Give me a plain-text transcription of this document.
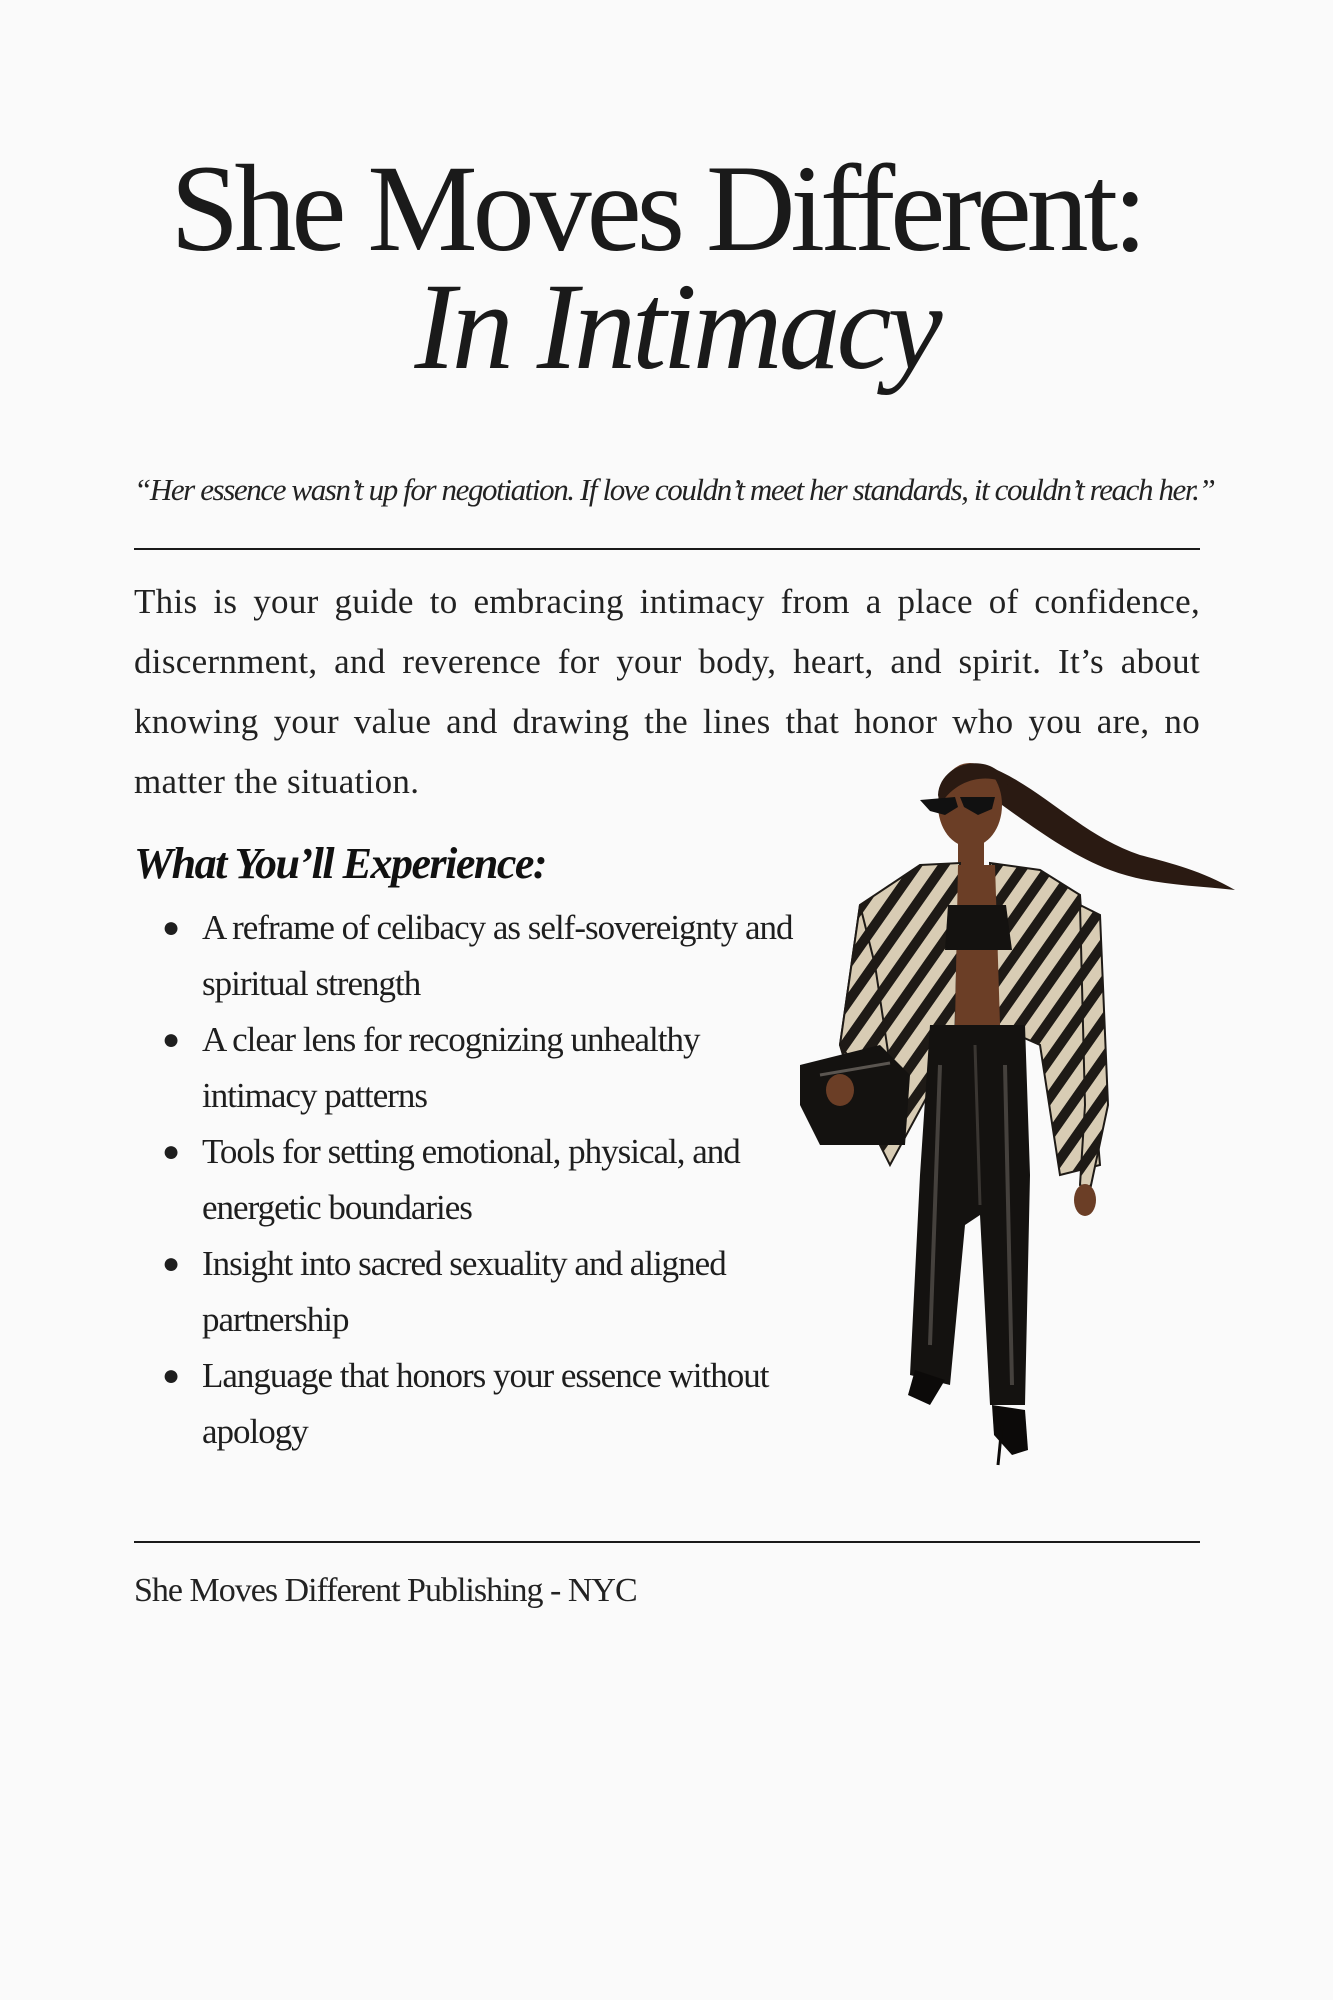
She Moves Different:
In Intimacy
“Her essence wasn’t up for negotiation. If love couldn’t meet her standards, it couldn’t reach her.”
This is your guide to embracing intimacy from a place of confidence, discernment, and reverence for your body, heart, and spirit. It’s about knowing your value and drawing the lines that honor who you are, no matter the situation.
What You’ll Experience:
● A reframe of celibacy as self-sovereignty and spiritual strength
● A clear lens for recognizing unhealthy intimacy patterns
● Tools for setting emotional, physical, and energetic boundaries
● Insight into sacred sexuality and aligned partnership
● Language that honors your essence without apology
She Moves Different Publishing - NYC
